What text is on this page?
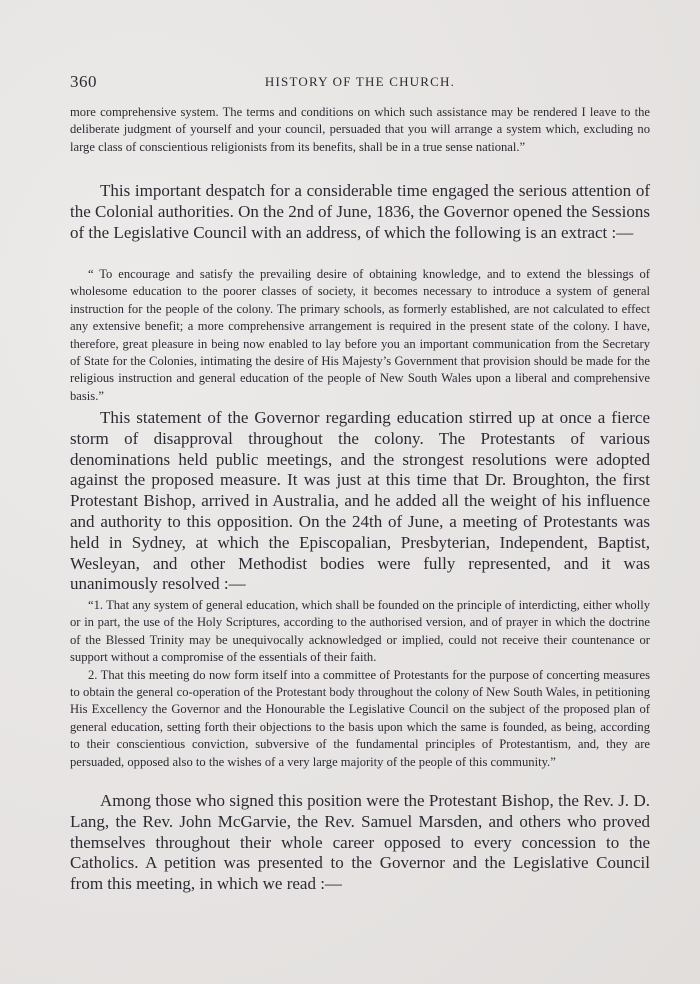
360	HISTORY OF THE CHURCH.

more comprehensive system. The terms and conditions on which such assistance may be rendered I leave to the deliberate judgment of yourself and your council, persuaded that you will arrange a system which, excluding no large class of conscientious religionists from its benefits, shall be in a true sense national.”

This important despatch for a considerable time engaged the serious attention of the Colonial authorities. On the 2nd of June, 1836, the Governor opened the Sessions of the Legislative Council with an address, of which the following is an extract :—

“ To encourage and satisfy the prevailing desire of obtaining knowledge, and to extend the blessings of wholesome education to the poorer classes of society, it becomes necessary to introduce a system of general instruction for the people of the colony. The primary schools, as formerly established, are not calculated to effect any extensive benefit; a more comprehensive arrangement is required in the present state of the colony. I have, therefore, great pleasure in being now enabled to lay before you an important communication from the Secretary of State for the Colonies, intimating the desire of His Majesty’s Government that provision should be made for the religious instruction and general education of the people of New South Wales upon a liberal and comprehensive basis.”

This statement of the Governor regarding education stirred up at once a fierce storm of disapproval throughout the colony. The Protestants of various denominations held public meetings, and the strongest resolutions were adopted against the proposed measure. It was just at this time that Dr. Broughton, the first Protestant Bishop, arrived in Australia, and he added all the weight of his influence and authority to this opposition. On the 24th of June, a meeting of Protestants was held in Sydney, at which the Episcopalian, Presbyterian, Independent, Baptist, Wesleyan, and other Methodist bodies were fully represented, and it was unanimously resolved :—

“1. That any system of general education, which shall be founded on the principle of interdicting, either wholly or in part, the use of the Holy Scriptures, according to the authorised version, and of prayer in which the doctrine of the Blessed Trinity may be unequivocally acknowledged or implied, could not receive their countenance or support without a compromise of the essentials of their faith.

2. That this meeting do now form itself into a committee of Protestants for the purpose of concerting measures to obtain the general co-operation of the Protestant body throughout the colony of New South Wales, in petitioning His Excellency the Governor and the Honourable the Legislative Council on the subject of the proposed plan of general education, setting forth their objections to the basis upon which the same is founded, as being, according to their conscientious conviction, subversive of the fundamental principles of Protestantism, and, they are persuaded, opposed also to the wishes of a very large majority of the people of this community.”

Among those who signed this position were the Protestant Bishop, the Rev. J. D. Lang, the Rev. John McGarvie, the Rev. Samuel Marsden, and others who proved themselves throughout their whole career opposed to every concession to the Catholics. A petition was presented to the Governor and the Legislative Council from this meeting, in which we read :—
